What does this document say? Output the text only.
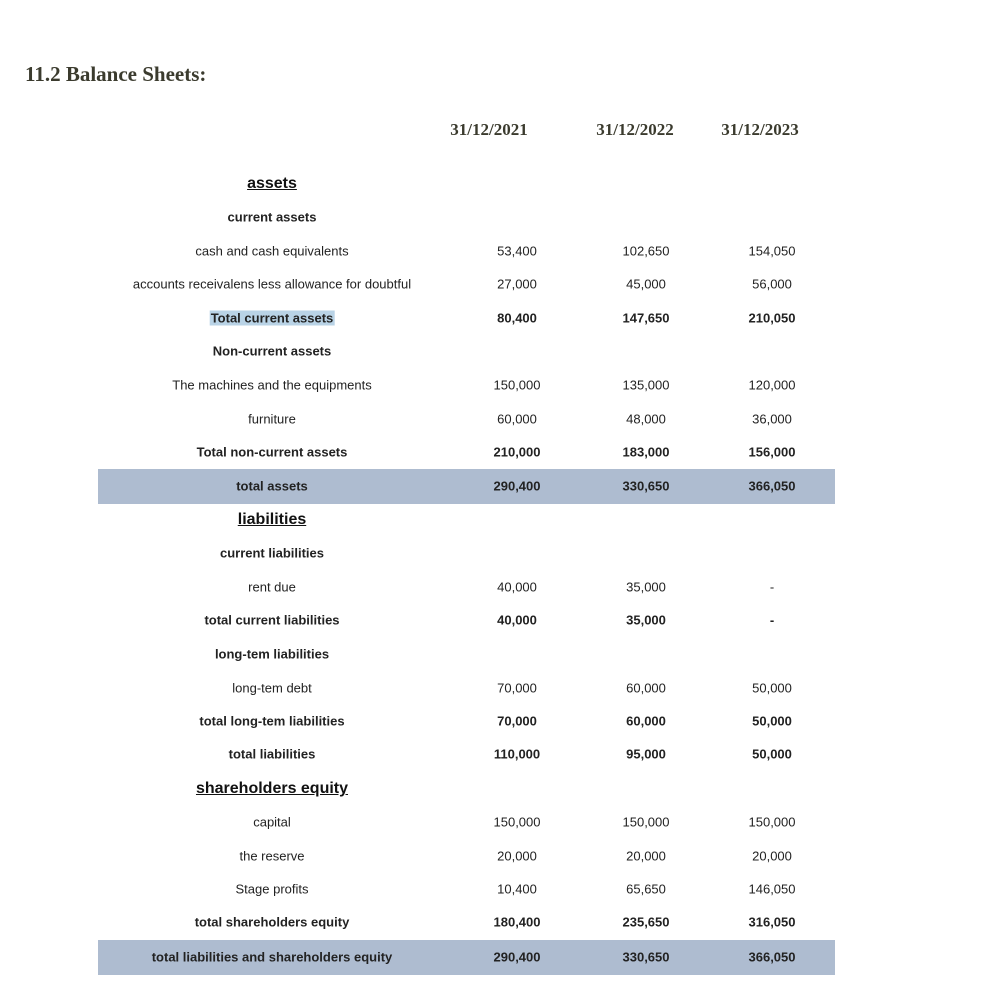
11.2 Balance Sheets:
31/12/2021	31/12/2022	31/12/2023
assets
current assets
cash and cash equivalents	53,400	102,650	154,050
accounts receivalens less allowance for doubtful	27,000	45,000	56,000
Total current assets	80,400	147,650	210,050
Non-current assets
The machines and the equipments	150,000	135,000	120,000
furniture	60,000	48,000	36,000
Total non-current assets	210,000	183,000	156,000
total assets	290,400	330,650	366,050
liabilities
current liabilities
rent due	40,000	35,000	-
total current liabilities	40,000	35,000	-
long-tem liabilities
long-tem debt	70,000	60,000	50,000
total long-tem liabilities	70,000	60,000	50,000
total liabilities	110,000	95,000	50,000
shareholders equity
capital	150,000	150,000	150,000
the reserve	20,000	20,000	20,000
Stage profits	10,400	65,650	146,050
total shareholders equity	180,400	235,650	316,050
total liabilities and shareholders equity	290,400	330,650	366,050
